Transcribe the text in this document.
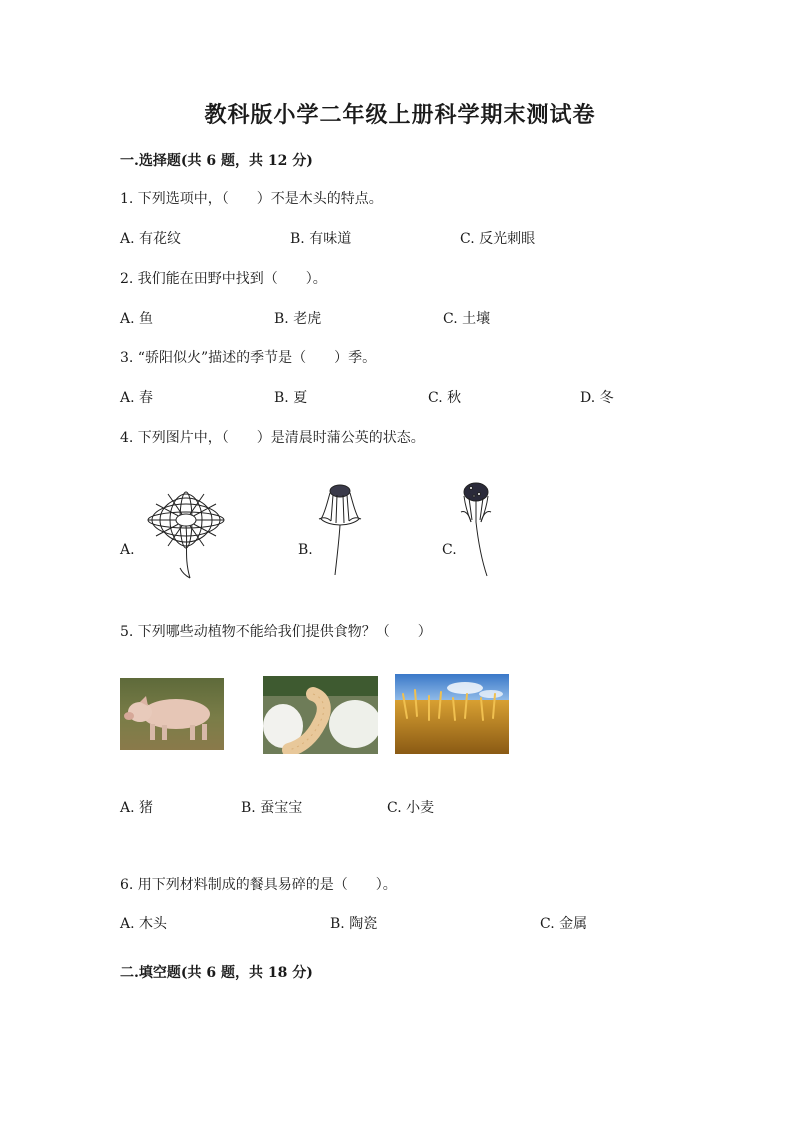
教科版小学二年级上册科学期末测试卷
一.选择题(共 6 题，共 12 分)
1. 下列选项中，（　　）不是木头的特点。
A. 有花纹	B. 有味道	C. 反光刺眼
2. 我们能在田野中找到（　　）。
A. 鱼	B. 老虎	C. 土壤
3. “骄阳似火”描述的季节是（　　）季。
A. 春	B. 夏	C. 秋	D. 冬
4. 下列图片中，（　　）是清晨时蒲公英的状态。
A.	B.	C.
5. 下列哪些动植物不能给我们提供食物？（　　）
A. 猪	B. 蚕宝宝	C. 小麦
6. 用下列材料制成的餐具易碎的是（　　）。
A. 木头	B. 陶瓷	C. 金属
二.填空题(共 6 题，共 18 分)
